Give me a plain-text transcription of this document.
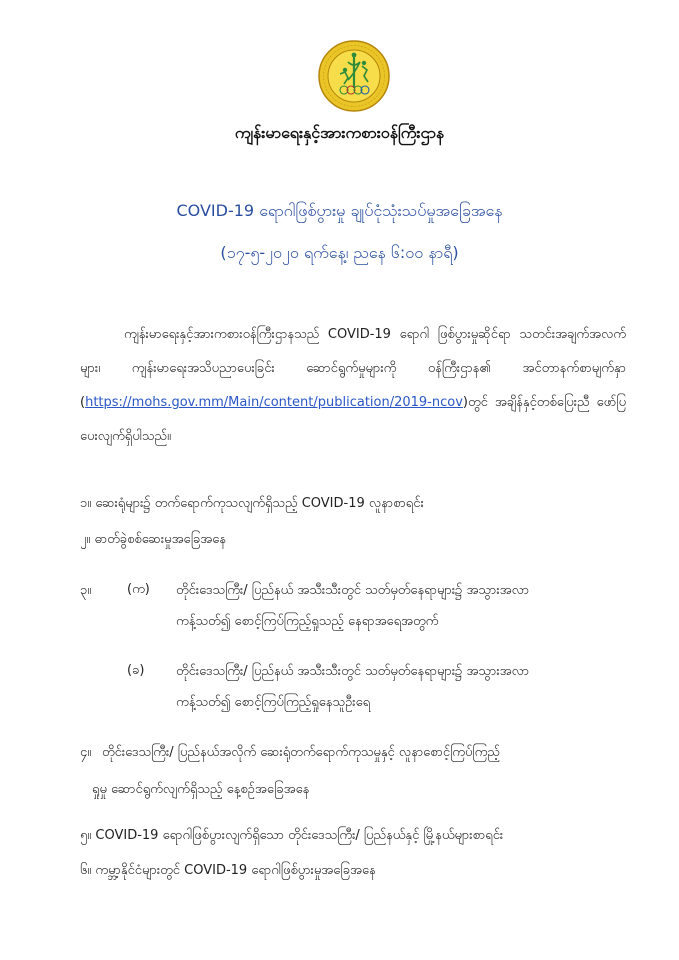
ကျန်းမာရေးနှင့်အားကစားဝန်ကြီးဌာန
COVID-19 ရောဂါဖြစ်ပွားမှု ချုပ်ငုံသုံးသပ်မှုအခြေအနေ
(၁၇-၅-၂၀၂၀ ရက်နေ့၊ ညနေ ၆:၀၀ နာရီ)
ကျန်းမာရေးနှင့်အားကစားဝန်ကြီးဌာနသည် COVID-19 ရောဂါ ဖြစ်ပွားမှုဆိုင်ရာ သတင်းအချက်အလက်များ၊ ကျန်းမာရေးအသိပညာပေးခြင်း ဆောင်ရွက်မှုများကို ဝန်ကြီးဌာန၏ အင်တာနက်စာမျက်နှာ (https://mohs.gov.mm/Main/content/publication/2019-ncov)တွင် အချိန်နှင့်တစ်ပြေးညီ ဖော်ပြပေးလျက်ရှိပါသည်။
၁။ ဆေးရုံများ၌ တက်ရောက်ကုသလျက်ရှိသည့် COVID-19 လူနာစာရင်း
၂။ ဓာတ်ခွဲစစ်ဆေးမှုအခြေအနေ
၃။	(က) တိုင်းဒေသကြီး/ ပြည်နယ် အသီးသီးတွင် သတ်မှတ်နေရာများ၌ အသွားအလာ
ကန့်သတ်၍ စောင့်ကြပ်ကြည့်ရှုသည့် နေရာအရေအတွက်
(ခ) တိုင်းဒေသကြီး/ ပြည်နယ် အသီးသီးတွင် သတ်မှတ်နေရာများ၌ အသွားအလာ
ကန့်သတ်၍ စောင့်ကြပ်ကြည့်ရှုနေသူဦးရေ
၄။ တိုင်းဒေသကြီး/ ပြည်နယ်အလိုက် ဆေးရုံတက်ရောက်ကုသမှုနှင့် လူနာစောင့်ကြပ်ကြည့်
ရှုမှု ဆောင်ရွက်လျက်ရှိသည့် နေ့စဉ်အခြေအနေ
၅။ COVID-19 ရောဂါဖြစ်ပွားလျက်ရှိသော တိုင်းဒေသကြီး/ ပြည်နယ်နှင့် မြို့နယ်များစာရင်း
၆။ ကမ္ဘာ့နိုင်ငံများတွင် COVID-19 ရောဂါဖြစ်ပွားမှုအခြေအနေ
